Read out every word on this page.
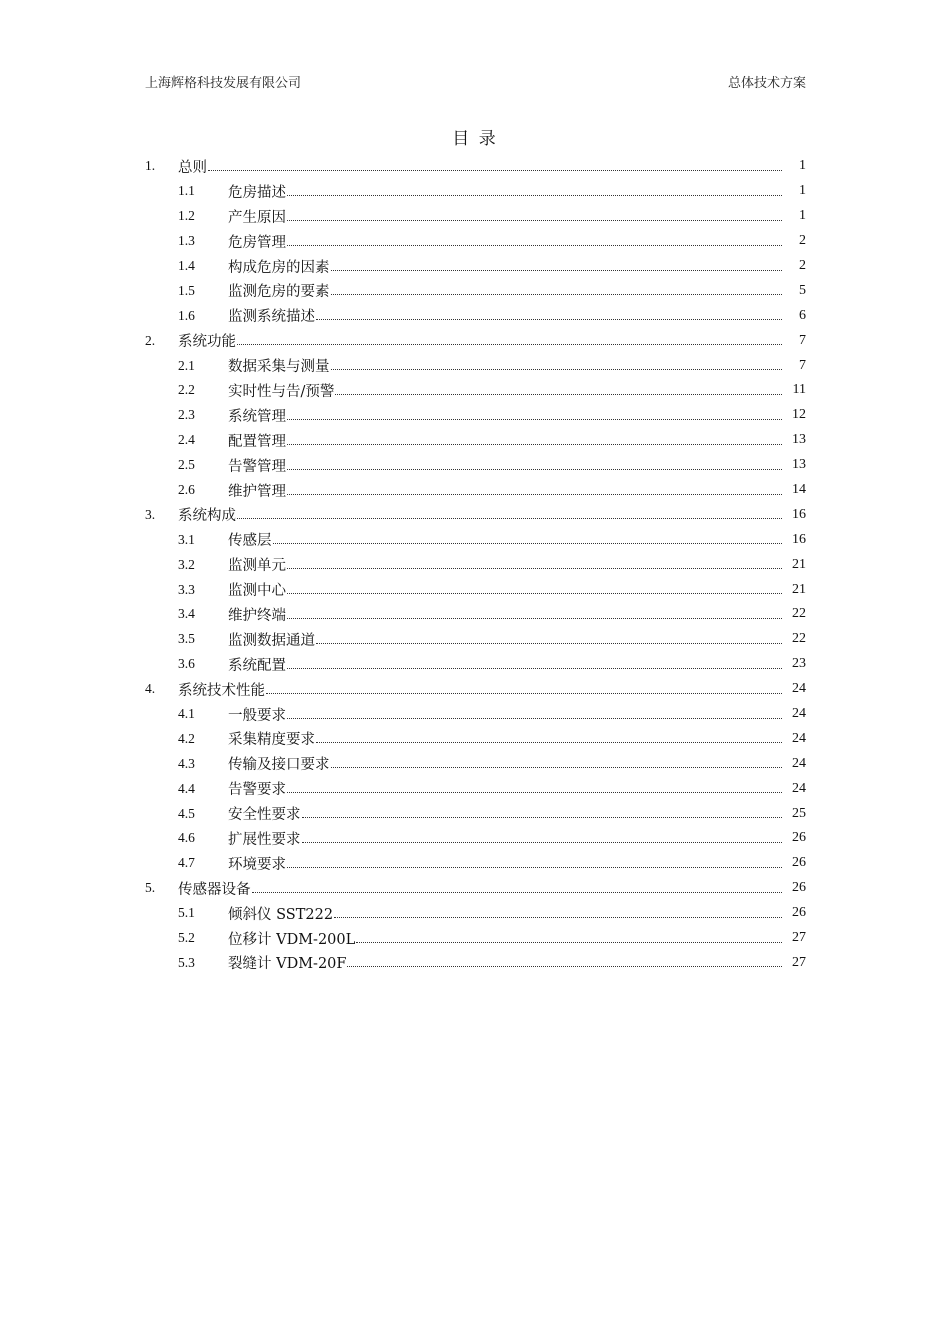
上海辉格科技发展有限公司	总体技术方案
目 录
1.	总则	1
1.1	危房描述	1
1.2	产生原因	1
1.3	危房管理	2
1.4	构成危房的因素	2
1.5	监测危房的要素	5
1.6	监测系统描述	6
2.	系统功能	7
2.1	数据采集与测量	7
2.2	实时性与告/预警	11
2.3	系统管理	12
2.4	配置管理	13
2.5	告警管理	13
2.6	维护管理	14
3.	系统构成	16
3.1	传感层	16
3.2	监测单元	21
3.3	监测中心	21
3.4	维护终端	22
3.5	监测数据通道	22
3.6	系统配置	23
4.	系统技术性能	24
4.1	一般要求	24
4.2	采集精度要求	24
4.3	传输及接口要求	24
4.4	告警要求	24
4.5	安全性要求	25
4.6	扩展性要求	26
4.7	环境要求	26
5.	传感器设备	26
5.1	倾斜仪 SST222	26
5.2	位移计 VDM-200L	27
5.3	裂缝计 VDM-20F	27
